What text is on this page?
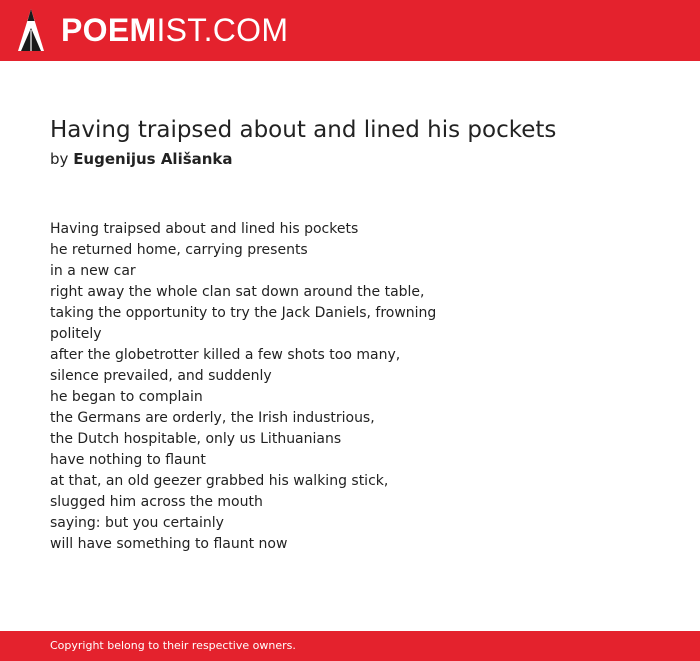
POEMIST.COM
Having traipsed about and lined his pockets
by Eugenijus Ališanka
Having traipsed about and lined his pockets
he returned home, carrying presents
in a new car
right away the whole clan sat down around the table,
taking the opportunity to try the Jack Daniels, frowning
politely
after the globetrotter killed a few shots too many,
silence prevailed, and suddenly
he began to complain
the Germans are orderly, the Irish industrious,
the Dutch hospitable, only us Lithuanians
have nothing to flaunt
at that, an old geezer grabbed his walking stick,
slugged him across the mouth
saying: but you certainly
will have something to flaunt now
Copyright belong to their respective owners.
